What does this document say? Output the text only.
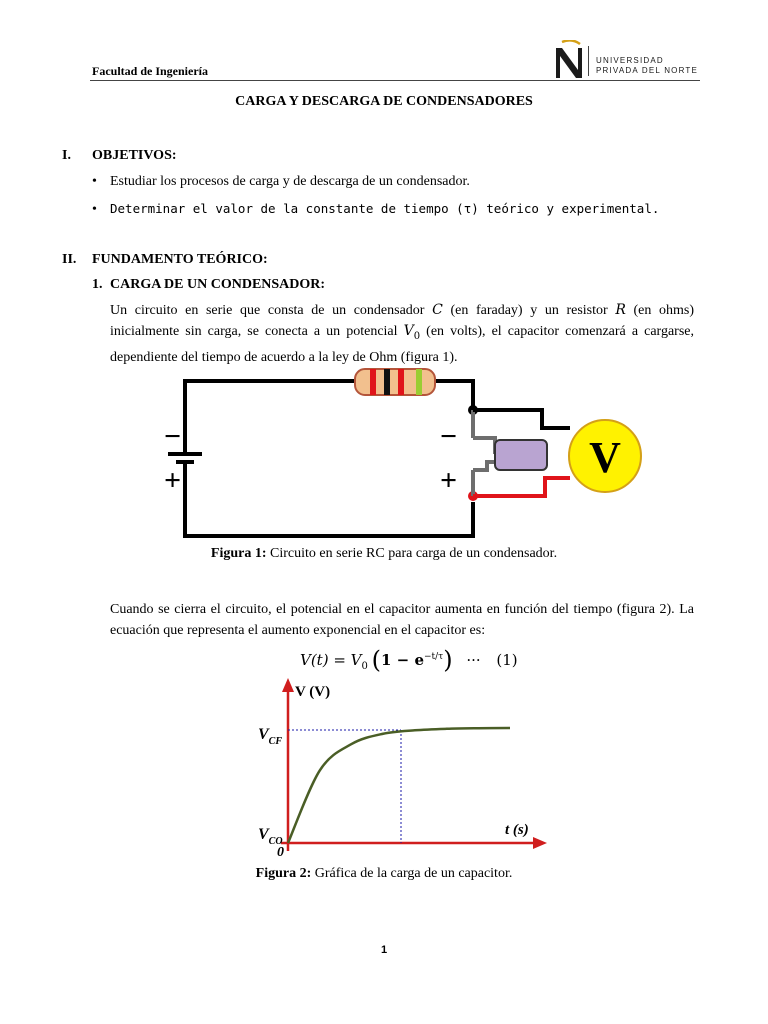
Facultad de Ingeniería
UNIVERSIDAD
PRIVADA DEL NORTE
CARGA Y DESCARGA DE CONDENSADORES
I. OBJETIVOS:
• Estudiar los procesos de carga y de descarga de un condensador.
• Determinar el valor de la constante de tiempo (τ) teórico y experimental.
II. FUNDAMENTO TEÓRICO:
1. CARGA DE UN CONDENSADOR:
Un circuito en serie que consta de un condensador C (en faraday) y un resistor R (en ohms) inicialmente sin carga, se conecta a un potencial $V_0$ (en volts), el capacitor comenzará a cargarse, dependiente del tiempo de acuerdo a la ley de Ohm (figura 1).
−
+
−
+	V
Figura 1: Circuito en serie RC para carga de un condensador.
Cuando se cierra el circuito, el potencial en el capacitor aumenta en función del tiempo (figura 2). La ecuación que representa el aumento exponencial en el capacitor es:
$V(t) = V_0$ $(1 - e^{-t/\tau})$ ··· (1)
V (V)
$V_{CF}$
$V_{CO}$
0
t (s)
Figura 2: Gráfica de la carga de un capacitor.
1
